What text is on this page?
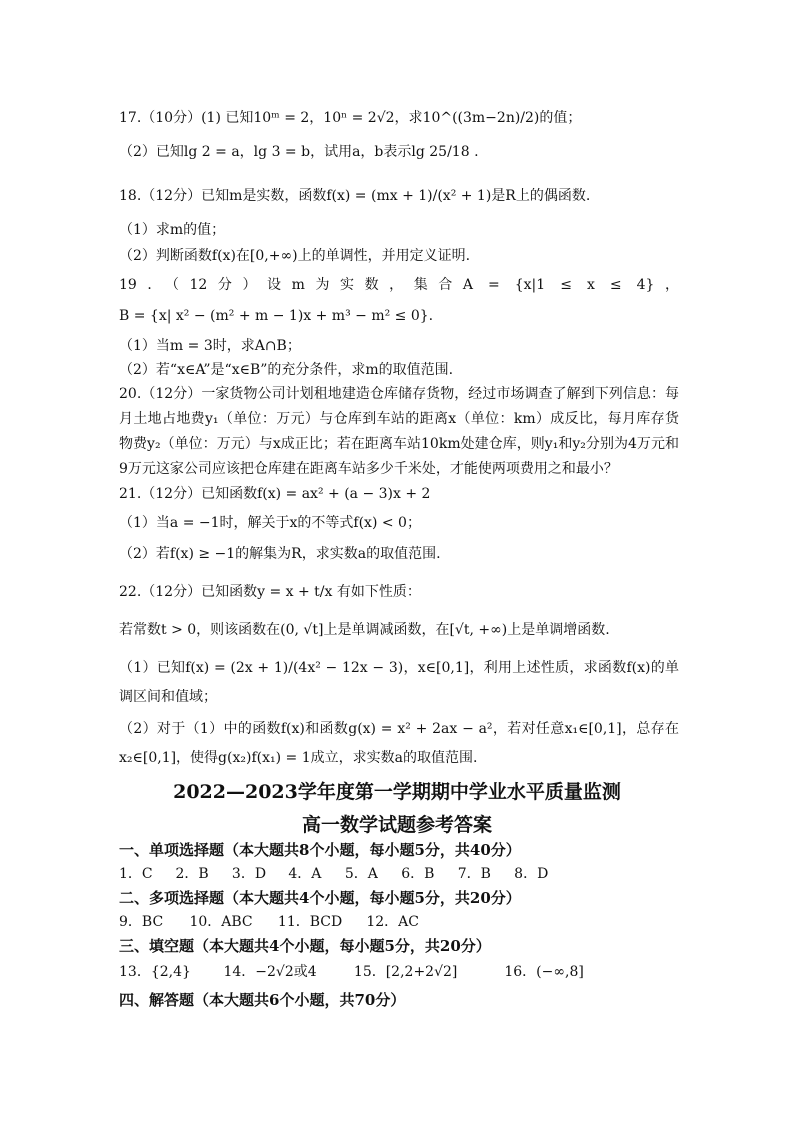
17.（10分）(1) 已知10ᵐ = 2，10ⁿ = 2√2，求10^((3m−2n)/2)的值；
（2）已知lg 2 = a，lg 3 = b，试用a，b表示lg 25/18 .
18.（12分）已知m是实数，函数f(x) = (mx + 1)/(x² + 1)是R上的偶函数.
（1）求m的值；
（2）判断函数f(x)在[0,+∞)上的单调性，并用定义证明.
19．（12分）设m为实数，集合A = {x|1 ≤ x ≤ 4}，
B = {x| x² − (m² + m − 1)x + m³ − m² ≤ 0}.
（1）当m = 3时，求A∩B；
（2）若“x∈A”是“x∈B”的充分条件，求m的取值范围.
20.（12分）一家货物公司计划租地建造仓库储存货物，经过市场调查了解到下列信息：每月土地占地费y₁（单位：万元）与仓库到车站的距离x（单位：km）成反比，每月库存货物费y₂（单位：万元）与x成正比；若在距离车站10km处建仓库，则y₁和y₂分别为4万元和9万元这家公司应该把仓库建在距离车站多少千米处，才能使两项费用之和最小？
21.（12分）已知函数f(x) = ax² + (a − 3)x + 2
（1）当a = −1时，解关于x的不等式f(x) < 0；
（2）若f(x) ≥ −1的解集为R，求实数a的取值范围.
22.（12分）已知函数y = x + t/x 有如下性质：
若常数t > 0，则该函数在(0, √t]上是单调减函数，在[√t, +∞)上是单调增函数.
（1）已知f(x) = (2x + 1)/(4x² − 12x − 3)，x∈[0,1]，利用上述性质，求函数f(x)的单调区间和值域；
（2）对于（1）中的函数f(x)和函数g(x) = x² + 2ax − a²，若对任意x₁∈[0,1]，总存在x₂∈[0,1]，使得g(x₂)f(x₁) = 1成立，求实数a的取值范围.
2022—2023学年度第一学期期中学业水平质量监测
高一数学试题参考答案
一、单项选择题（本大题共8个小题，每小题5分，共40分）
1．C 2．B 3．D 4．A 5．A 6．B 7．B 8．D
二、多项选择题（本大题共4个小题，每小题5分，共20分）
9．BC 10．ABC 11．BCD 12．AC
三、填空题（本大题共4个小题，每小题5分，共20分）
13．{2,4} 14．−2√2或4	15．[2,2+2√2]	16．(−∞,8]
四、解答题（本大题共6个小题，共70分）
